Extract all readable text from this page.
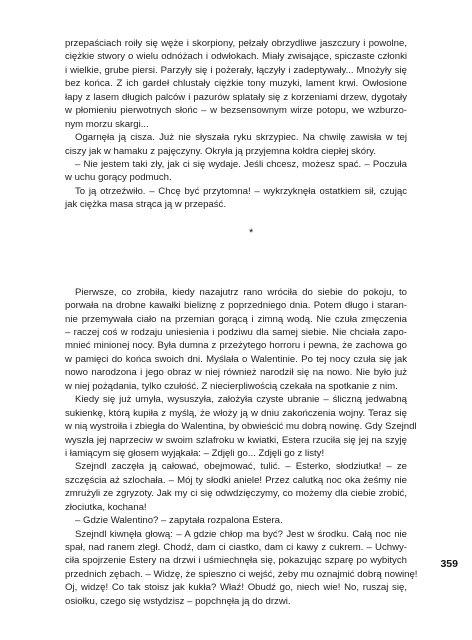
przepaściach roiły się węże i skorpiony, pełzały obrzydliwe jaszczury i powolne,
ciężkie stwory o wielu odnóżach i odwłokach. Miały zwisające, spiczaste członki
i wielkie, grube piersi. Parzyły się i pożerały, łączyły i zadeptywały... Mnożyły się
bez końca. Z ich gardeł chlustały ciężkie tony muzyki, lament krwi. Owłosione
łapy z lasem długich palców i pazurów splatały się z korzeniami drzew, dygotały
w płomieniu pierwotnych słońc – w bezsensownym wirze potopu, we wzburzo-
nym morzu skargi...
Ogarnęła ją cisza. Już nie słyszała ryku skrzypiec. Na chwilę zawisła w tej
ciszy jak w hamaku z pajęczyny. Okryła ją przyjemna kołdra ciepłej skóry.
– Nie jestem taki zły, jak ci się wydaje. Jeśli chcesz, możesz spać. – Poczuła
w uchu gorący podmuch.
To ją otrzeźwiło. – Chcę być przytomna! – wykrzyknęła ostatkiem sił, czując
jak ciężka masa strąca ją w przepaść.
*
Pierwsze, co zrobiła, kiedy nazajutrz rano wróciła do siebie do pokoju, to
porwała na drobne kawałki bieliznę z poprzedniego dnia. Potem długo i staran-
nie przemywała ciało na przemian gorącą i zimną wodą. Nie czuła zmęczenia
– raczej coś w rodzaju uniesienia i podziwu dla samej siebie. Nie chciała zapo-
mnieć minionej nocy. Była dumna z przeżytego horroru i pewna, że zachowa go
w pamięci do końca swoich dni. Myślała o Walentinie. Po tej nocy czuła się jak
nowo narodzona i jego obraz w niej również narodził się na nowo. Nie było już
w niej pożądania, tylko czułość. Z niecierpliwością czekała na spotkanie z nim.
Kiedy się już umyła, wysuszyła, założyła czyste ubranie – śliczną jedwabną
sukienkę, którą kupiła z myślą, że włoży ją w dniu zakończenia wojny. Teraz się
w nią wystroiła i zbiegła do Walentina, by obwieścić mu dobrą nowinę. Gdy Szejndl
wyszła jej naprzeciw w swoim szlafroku w kwiatki, Estera rzuciła się jej na szyję
i łamiącym się głosem wyjąkała: – Zdjęli go... Zdjęli go z listy!
Szejndl zaczęła ją całować, obejmować, tulić. – Esterko, słodziutka! – ze
szczęścia aż szlochała. – Mój ty słodki aniele! Przez calutką noc oka żeśmy nie
zmrużyli ze zgryzoty. Jak my ci się odwdzięczymy, co możemy dla ciebie zrobić,
złociutka, kochana!
– Gdzie Walentino? – zapytała rozpalona Estera.
Szejndl kiwnęła głową: – A gdzie chłop ma być? Jest w środku. Całą noc nie
spał, nad ranem zległ. Chodź, dam ci ciastko, dam ci kawy z cukrem. – Uchwy-
ciła spojrzenie Estery na drzwi i uśmiechnęła się, pokazując szparę po wybitych
przednich zębach. – Widzę, że spieszno ci wejść, żeby mu oznajmić dobrą nowinę!
Oj, widzę! Co tak stoisz jak kukła? Właź! Obudź go, niech wie! No, ruszaj się,
osiołku, czego się wstydzisz – popchnęła ją do drzwi.
359
